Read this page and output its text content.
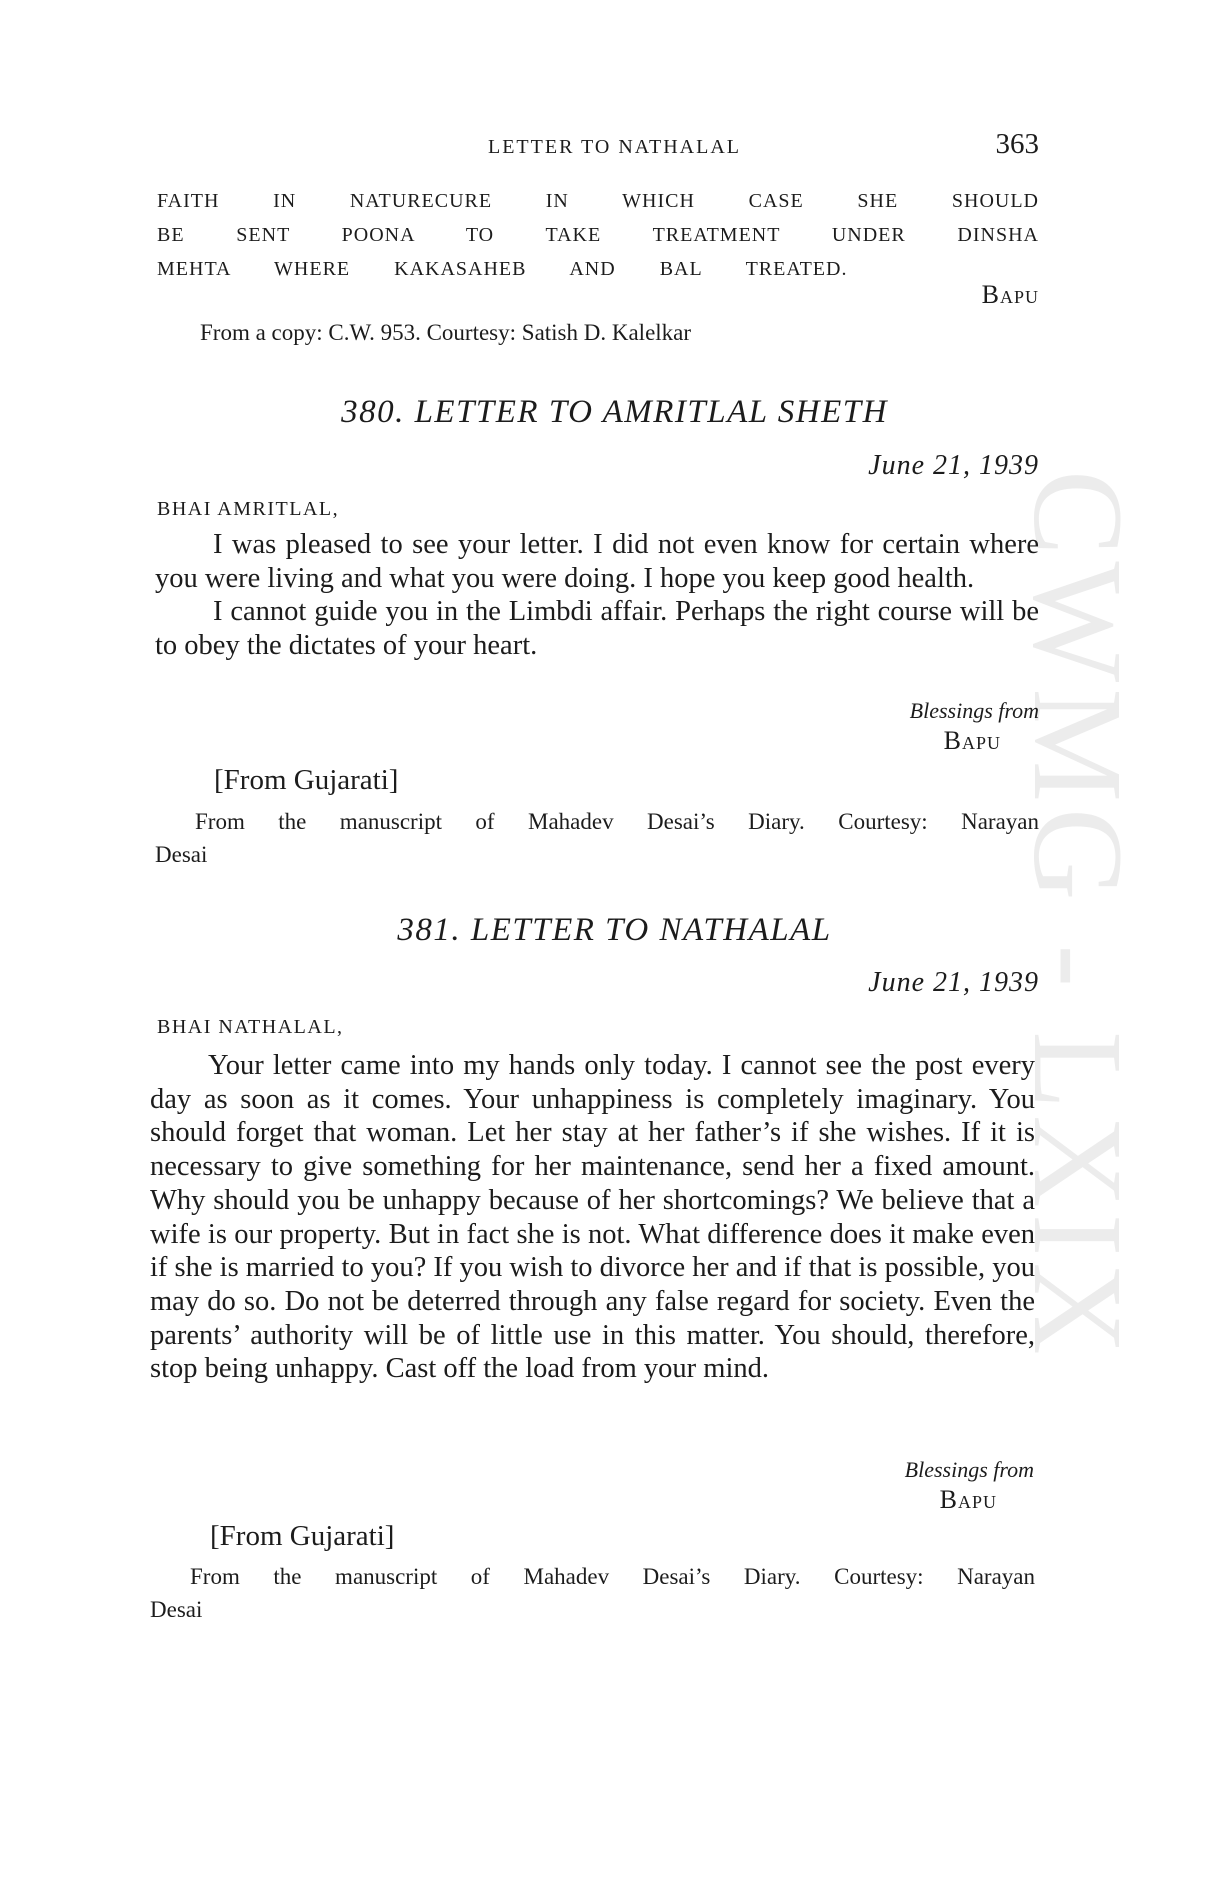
CWMG - LXIX
LETTER TO NATHALAL	363
FAITH IN NATURECURE IN WHICH CASE SHE SHOULD
BE SENT POONA TO TAKE TREATMENT UNDER DINSHA
MEHTA WHERE KAKASAHEB AND BAL TREATED.
Bapu
From a copy: C.W. 953. Courtesy: Satish D. Kalelkar
380. LETTER TO AMRITLAL SHETH
June 21, 1939
BHAI AMRITLAL,

I was pleased to see your letter. I did not even know for certain where you were living and what you were doing. I hope you keep good health.

I cannot guide you in the Limbdi affair. Perhaps the right course will be to obey the dictates of your heart.

Blessings from
Bapu
[From Gujarati]
From the manuscript of Mahadev Desai’s Diary. Courtesy: Narayan
Desai
381. LETTER TO NATHALAL
June 21, 1939
BHAI NATHALAL,

Your letter came into my hands only today. I cannot see the post every day as soon as it comes. Your unhappiness is completely imaginary. You should forget that woman. Let her stay at her father’s if she wishes. If it is necessary to give something for her maintenance, send her a fixed amount. Why should you be unhappy because of her shortcomings? We believe that a wife is our property. But in fact she is not. What difference does it make even if she is married to you? If you wish to divorce her and if that is possible, you may do so. Do not be deterred through any false regard for society. Even the parents’ authority will be of little use in this matter. You should, therefore, stop being unhappy. Cast off the load from your mind.

Blessings from
Bapu
[From Gujarati]
From the manuscript of Mahadev Desai’s Diary. Courtesy: Narayan
Desai
